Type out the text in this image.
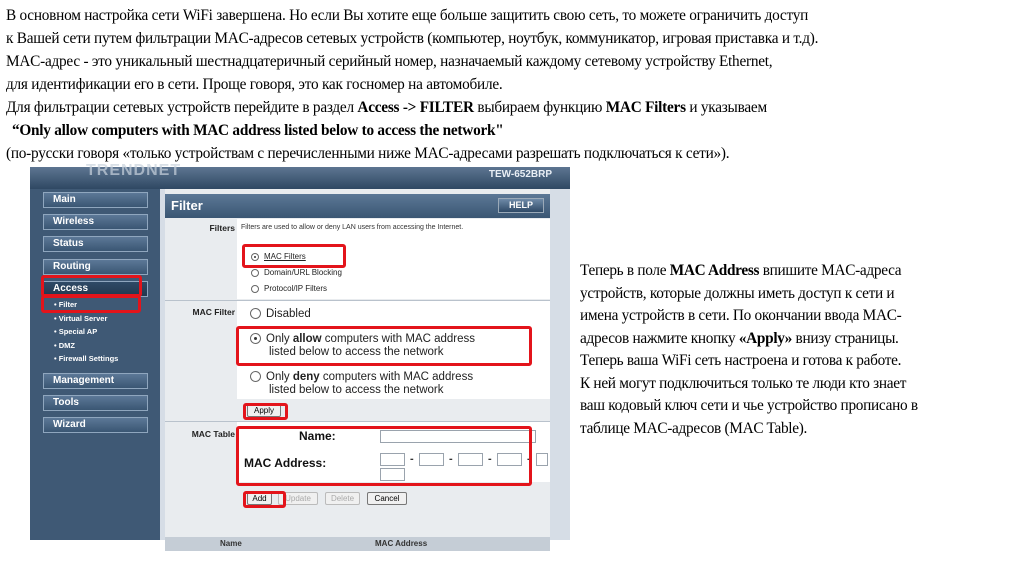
В основном настройка сети WiFi завершена. Но если Вы хотите еще больше защитить свою сеть, то можете ограничить доступ
к Вашей сети путем фильтрации MAC-адресов сетевых устройств (компьютер, ноутбук, коммуникатор, игровая приставка и т.д).
MAC-адрес - это уникальный шестнадцатеричный серийный номер, назначаемый каждому сетевому устройству Ethernet,
для идентификации его в сети. Проще говоря, это как госномер на автомобиле.
Для фильтрации сетевых устройств перейдите в раздел Access -> FILTER выбираем функцию MAC Filters и указываем
“Only allow computers with MAC address listed below to access the network"
(по-русски говоря «только устройствам с перечисленными ниже MAC-адресами разрешать подключаться к сети»).
Теперь в поле MAC Address впишите MAC-адреса
устройств, которые должны иметь доступ к сети и
имена устройств в сети. По окончании ввода MAC-
адресов нажмите кнопку «Apply» внизу страницы.
Теперь ваша WiFi сеть настроена и готова к работе.
К ней могут подключиться только те люди кто знает
ваш кодовый ключ сети и чье устройство прописано в
таблице MAC-адресов (MAC Table).
TRENDNET	TEW-652BRP
Main
Wireless
Status
Routing
Access
• Filter
• Virtual Server
• Special AP
• DMZ
• Firewall Settings
Management
Tools
Wizard
Filter	HELP
Filters Filters are used to allow or deny LAN users from accessing the Internet.
MAC Filters
Domain/URL Blocking
Protocol/IP Filters
MAC Filter	Disabled
Only allow computers with MAC address
listed below to access the network
Only deny computers with MAC address
listed below to access the network
Apply
MAC Table	Name:
MAC Address:	-	-	-	-
Add	Update	Delete	Cancel
Name	MAC Address
